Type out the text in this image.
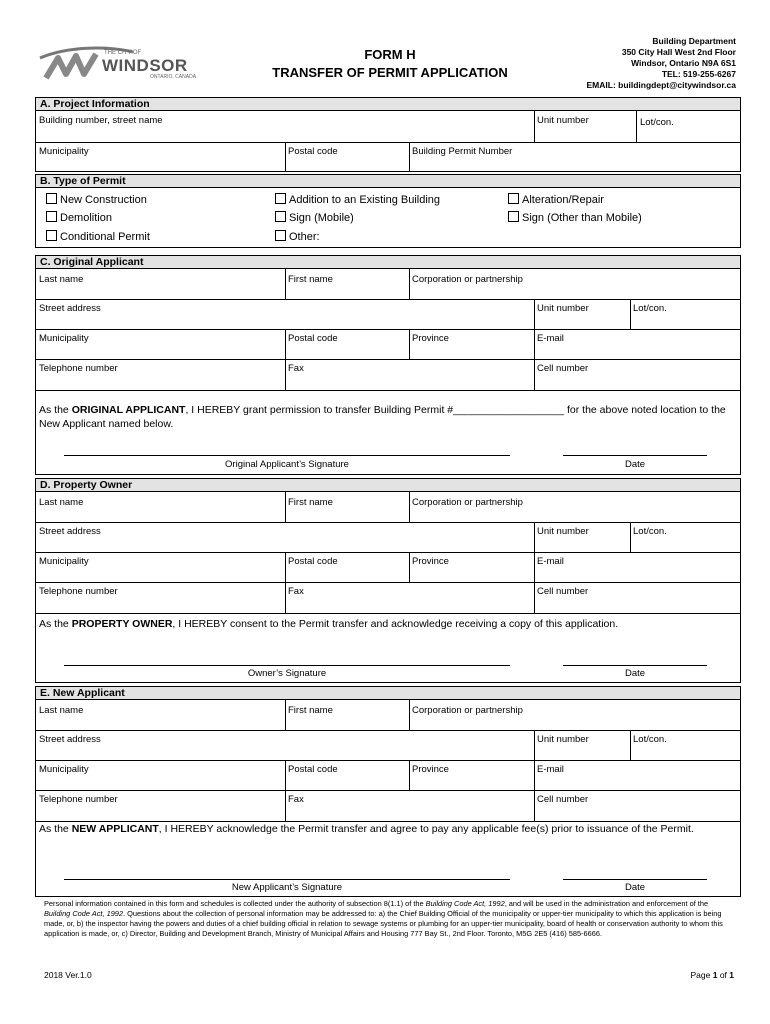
THE CITY OF
WINDSOR
ONTARIO, CANADA
FORM H
TRANSFER OF PERMIT APPLICATION
Building Department
350 City Hall West 2nd Floor
Windsor, Ontario N9A 6S1
TEL: 519-255-6267
EMAIL: buildingdept@citywindsor.ca
A. Project Information
Building number, street name	Unit number	Lot/con.
Municipality	Postal code	Building Permit Number
B. Type of Permit
New Construction
Demolition
Conditional Permit
Addition to an Existing Building
Sign (Mobile)
Other:
Alteration/Repair
Sign (Other than Mobile)
C. Original Applicant
Last name	First name	Corporation or partnership
Street address	Unit number	Lot/con.
Municipality	Postal code	Province	E-mail
Telephone number	Fax	Cell number
As the ORIGINAL APPLICANT, I HEREBY grant permission to transfer Building Permit #___________________ for the above noted location to the New Applicant named below.
Original Applicant’s Signature	Date
D. Property Owner
Last name	First name	Corporation or partnership
Street address	Unit number	Lot/con.
Municipality	Postal code	Province	E-mail
Telephone number	Fax	Cell number
As the PROPERTY OWNER, I HEREBY consent to the Permit transfer and acknowledge receiving a copy of this application.
Owner’s Signature	Date
E. New Applicant
Last name	First name	Corporation or partnership
Street address	Unit number	Lot/con.
Municipality	Postal code	Province	E-mail
Telephone number	Fax	Cell number
As the NEW APPLICANT, I HEREBY acknowledge the Permit transfer and agree to pay any applicable fee(s) prior to issuance of the Permit.
New Applicant’s Signature	Date
Personal information contained in this form and schedules is collected under the authority of subsection 8(1.1) of the Building Code Act, 1992, and will be used in the administration and enforcement of the Building Code Act, 1992. Questions about the collection of personal information may be addressed to: a) the Chief Building Official of the municipality or upper-tier municipality to which this application is being made, or, b) the inspector having the powers and duties of a chief building official in relation to sewage systems or plumbing for an upper-tier municipality, board of health or conservation authority to whom this application is made, or, c) Director, Building and Development Branch, Ministry of Municipal Affairs and Housing 777 Bay St., 2nd Floor. Toronto, M5G 2E5 (416) 585-6666.
2018 Ver.1.0	Page 1 of 1
